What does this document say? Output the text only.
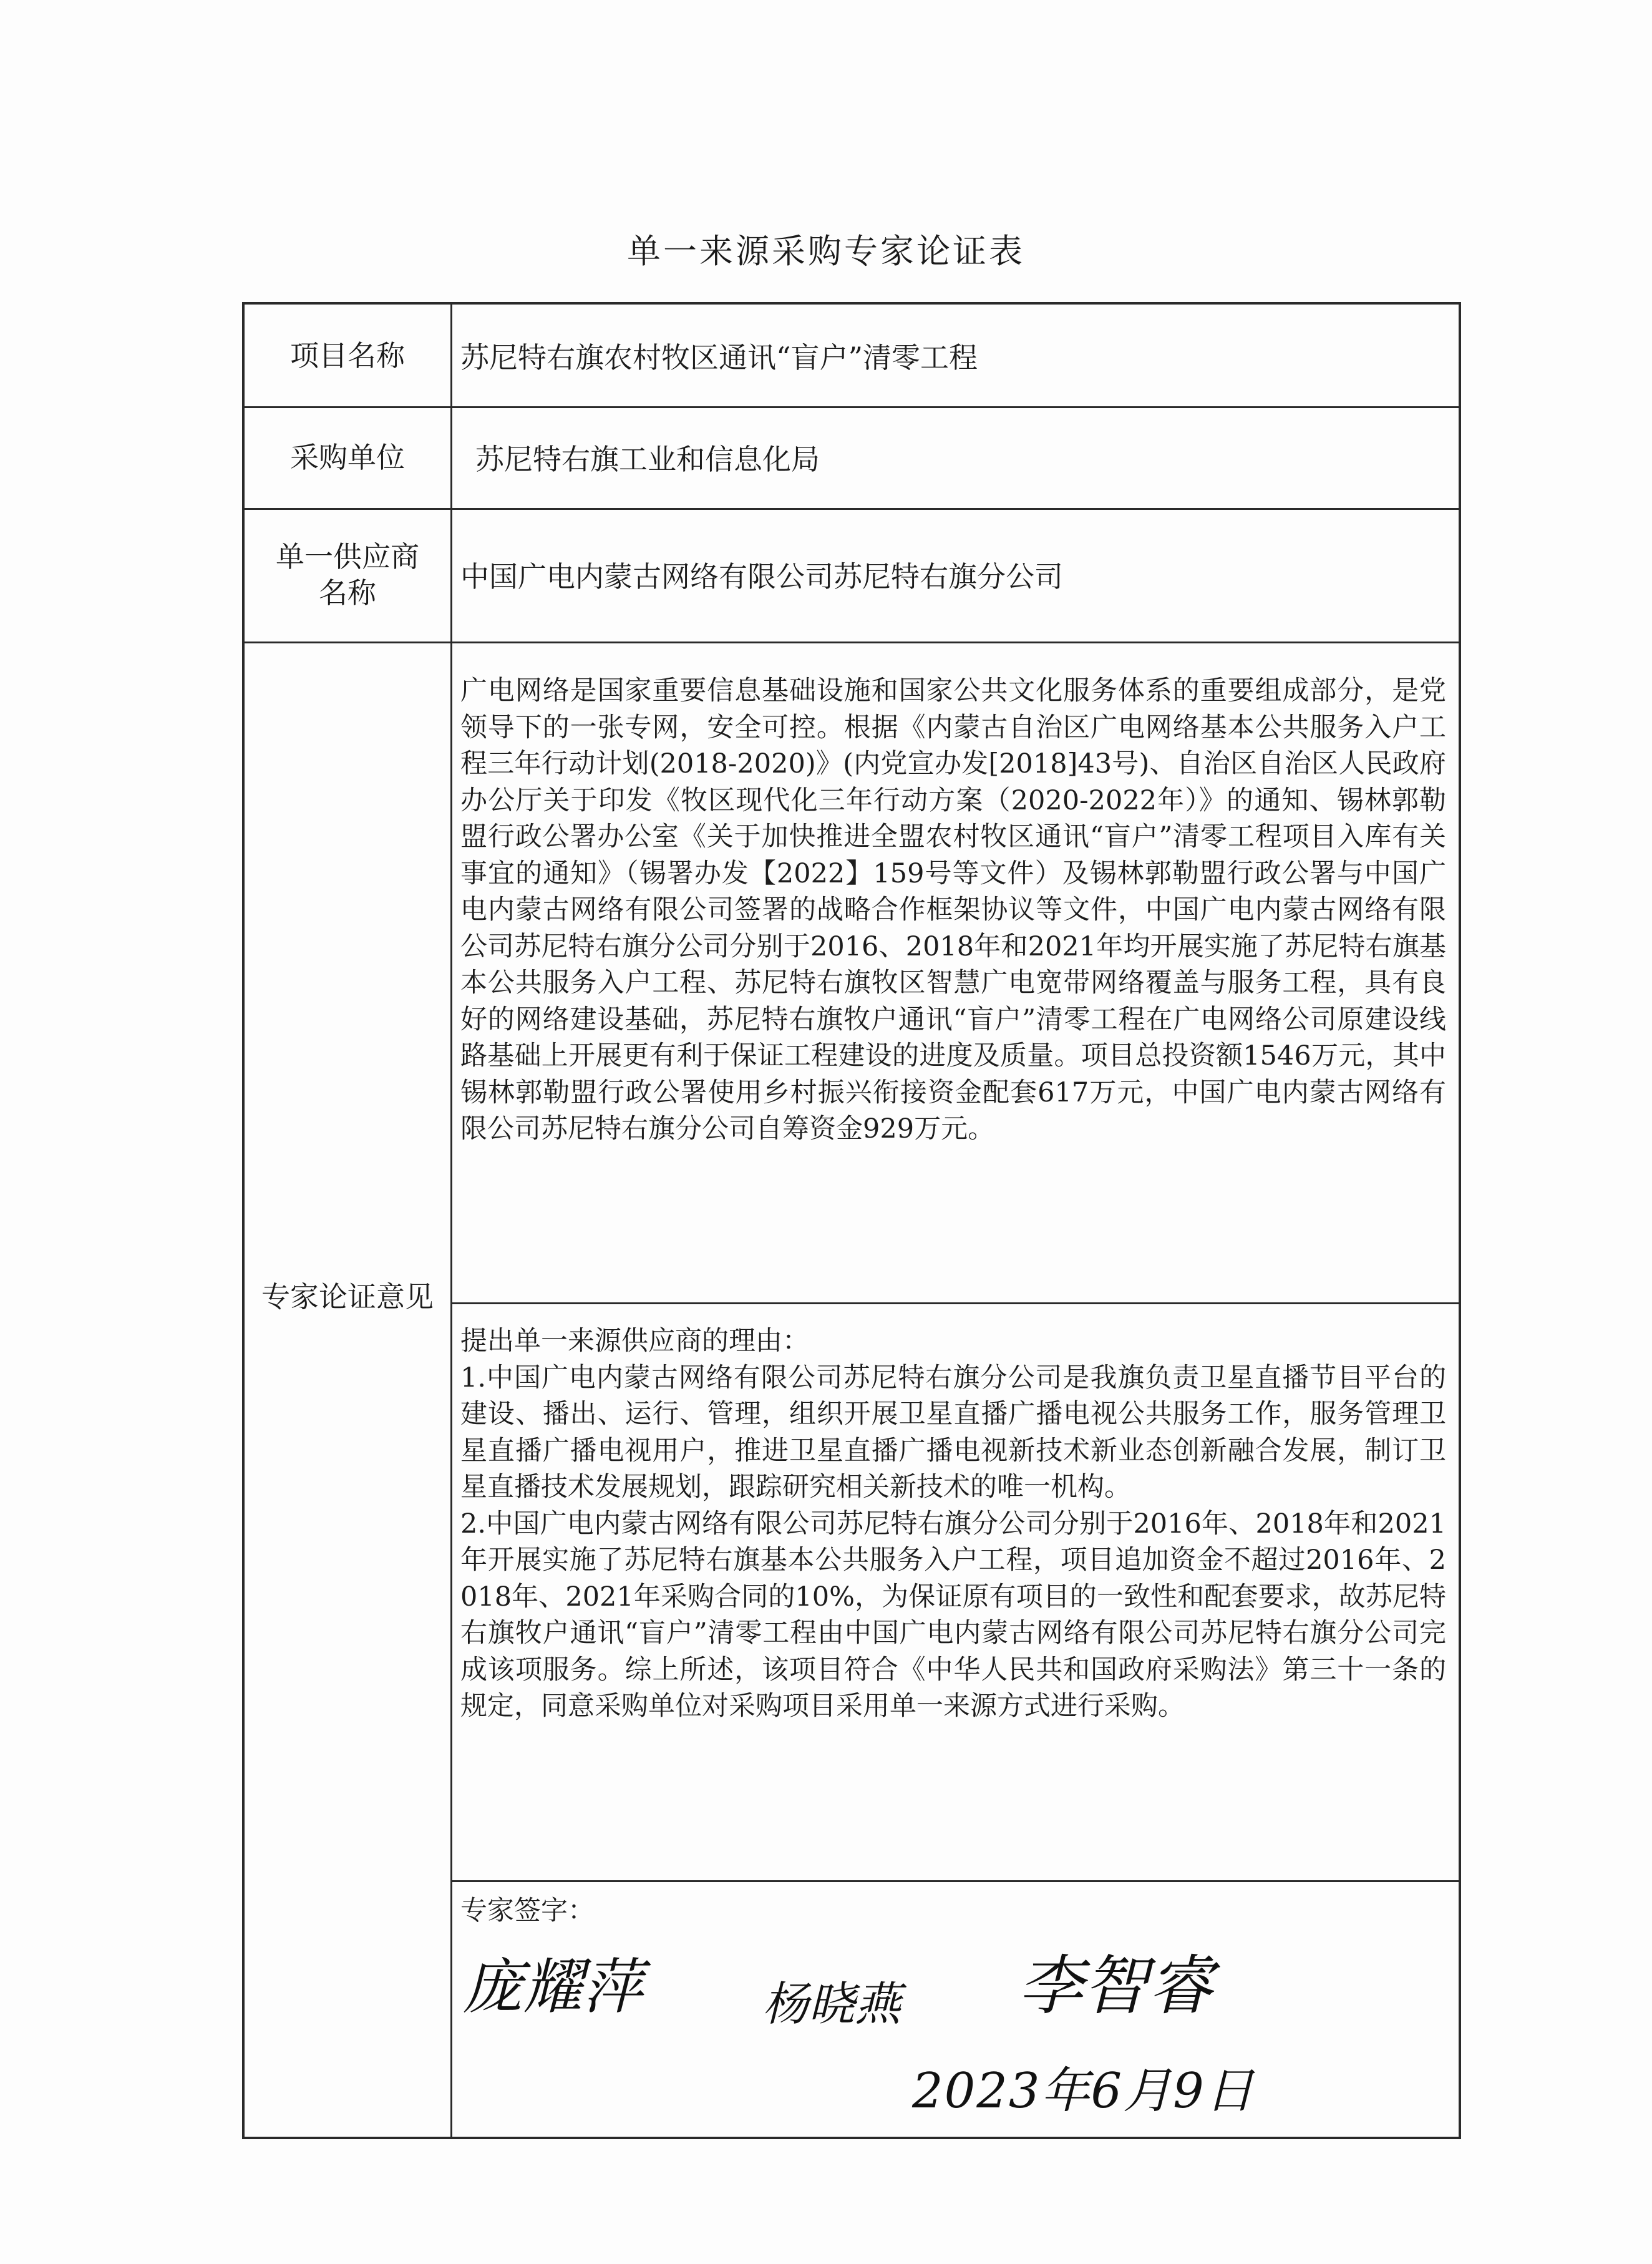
单一来源采购专家论证表
项目名称	苏尼特右旗农村牧区通讯“盲户”清零工程
采购单位	苏尼特右旗工业和信息化局
单一供应商名称	中国广电内蒙古网络有限公司苏尼特右旗分公司
专家论证意见
广电网络是国家重要信息基础设施和国家公共文化服务体系的重要组成部分，是党领导下的一张专网，安全可控。根据《内蒙古自治区广电网络基本公共服务入户工程三年行动计划(2018-2020)》(内党宣办发[2018]43号)、自治区自治区人民政府办公厅关于印发《牧区现代化三年行动方案（2020-2022年）》的通知、锡林郭勒盟行政公署办公室《关于加快推进全盟农村牧区通讯“盲户”清零工程项目入库有关事宜的通知》（锡署办发【2022】159号等文件）及锡林郭勒盟行政公署与中国广电内蒙古网络有限公司签署的战略合作框架协议等文件，中国广电内蒙古网络有限公司苏尼特右旗分公司分别于2016、2018年和2021年均开展实施了苏尼特右旗基本公共服务入户工程、苏尼特右旗牧区智慧广电宽带网络覆盖与服务工程，具有良好的网络建设基础，苏尼特右旗牧户通讯“盲户”清零工程在广电网络公司原建设线路基础上开展更有利于保证工程建设的进度及质量。项目总投资额1546万元，其中锡林郭勒盟行政公署使用乡村振兴衔接资金配套617万元，中国广电内蒙古网络有限公司苏尼特右旗分公司自筹资金929万元。
提出单一来源供应商的理由：
1.中国广电内蒙古网络有限公司苏尼特右旗分公司是我旗负责卫星直播节目平台的建设、播出、运行、管理，组织开展卫星直播广播电视公共服务工作，服务管理卫星直播广播电视用户，推进卫星直播广播电视新技术新业态创新融合发展，制订卫星直播技术发展规划，跟踪研究相关新技术的唯一机构。
2.中国广电内蒙古网络有限公司苏尼特右旗分公司分别于2016年、2018年和2021年开展实施了苏尼特右旗基本公共服务入户工程，项目追加资金不超过2016年、2018年、2021年采购合同的10%，为保证原有项目的一致性和配套要求，故苏尼特右旗牧户通讯“盲户”清零工程由中国广电内蒙古网络有限公司苏尼特右旗分公司完成该项服务。综上所述，该项目符合《中华人民共和国政府采购法》第三十一条的规定，同意采购单位对采购项目采用单一来源方式进行采购。
专家签字：
庞耀萍	杨晓燕 李智睿
2023年6月9日
